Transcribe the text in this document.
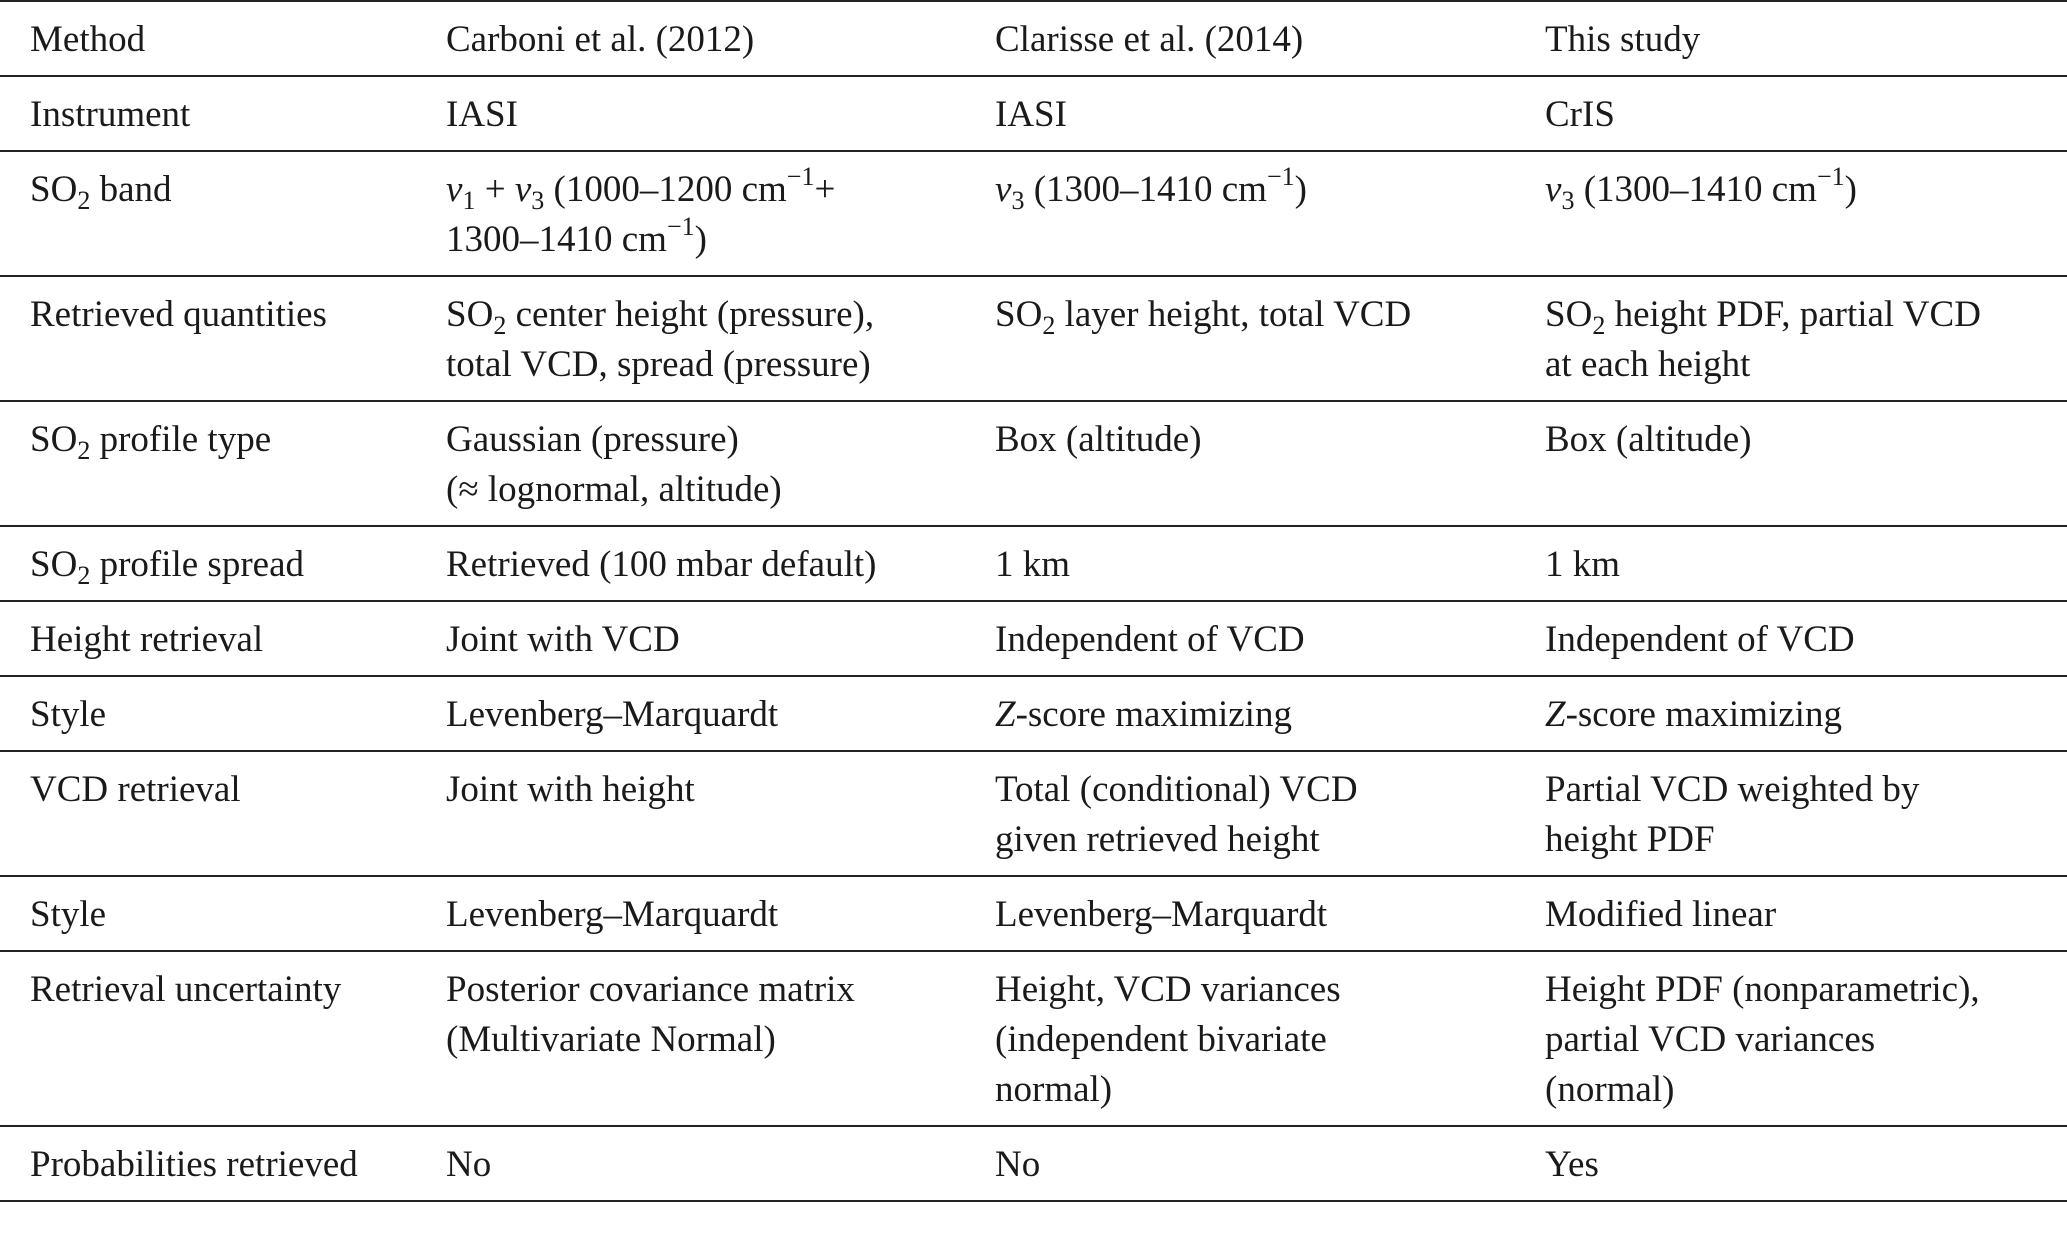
Method	Carboni et al. (2012)	Clarisse et al. (2014)	This study

Instrument	IASI	IASI	CrIS

$SO_2$ band	$\nu_1 + \nu_3$ (1000–1200 $cm^{-1}+$
1300–1410 $cm^{-1}$)	$\nu_3$ (1300–1410 $cm^{-1}$)	$\nu_3$ (1300–1410 $cm^{-1}$)

Retrieved quantities	$SO_2$ center height (pressure),
total VCD, spread (pressure)	$SO_2$ layer height, total VCD	$SO_2$ height PDF, partial VCD
at each height

$SO_2$ profile type	Gaussian (pressure)
(≈ lognormal, altitude)	Box (altitude)	Box (altitude)

$SO_2$ profile spread	Retrieved (100 mbar default)	1 km	1 km

Height retrieval	Joint with VCD	Independent of VCD	Independent of VCD

Style	Levenberg–Marquardt	Z-score maximizing	Z-score maximizing

VCD retrieval	Joint with height	Total (conditional) VCD
given retrieved height	Partial VCD weighted by
height PDF

Style	Levenberg–Marquardt	Levenberg–Marquardt	Modified linear

Retrieval uncertainty	Posterior covariance matrix
(Multivariate Normal)	Height, VCD variances
(independent bivariate
normal)	Height PDF (nonparametric),
partial VCD variances
(normal)

Probabilities retrieved	No	No	Yes
